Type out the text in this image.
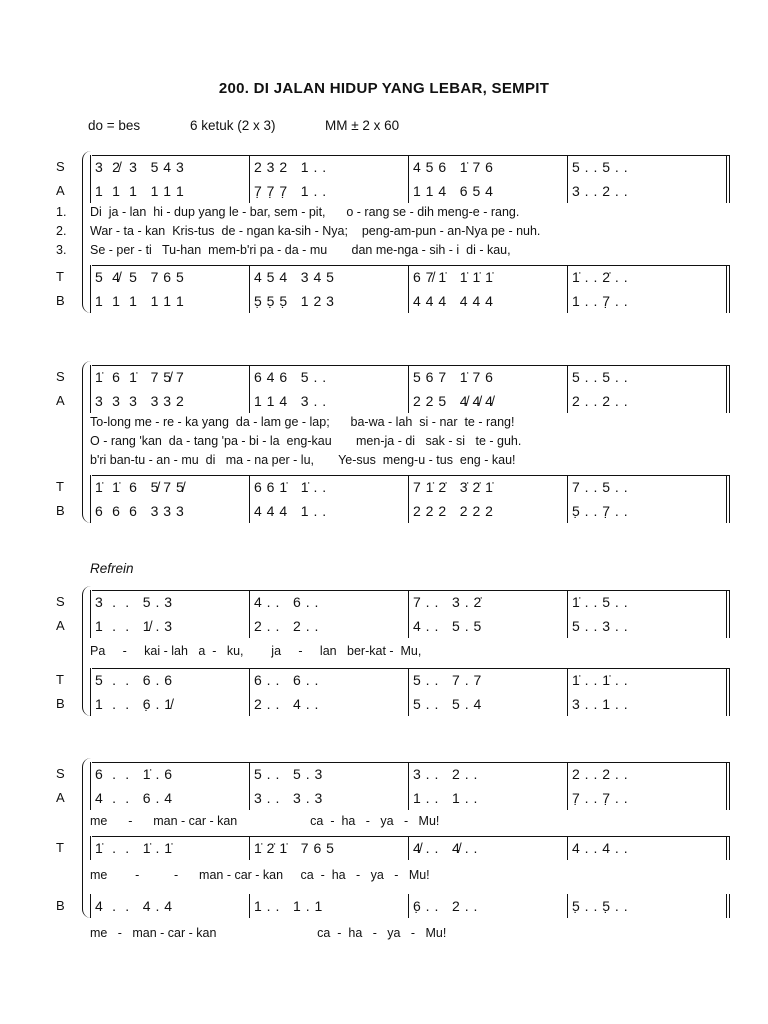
200. DI JALAN HIDUP YANG LEBAR, SEMPIT
do = bes	6 ketuk (2 x 3)	MM ± 2 x 60
Refrein
S	3  2̸  3   5 4 3	2 3 2   1 . .	4 5 6   1̇ 7 6	5 . . 5 . .
A	1  1  1   1 1 1	7̣ 7̣ 7̣   1 . .	1 1 4   6 5 4	3 . . 2 . .
1.	Di  ja - lan  hi - dup yang le - bar, sem - pit,      o - rang se - dih meng-e - rang.
2.	War - ta - kan  Kris-tus  de - ngan ka-sih - Nya;    peng-am-pun - an-Nya pe - nuh.
3.	Se - per - ti   Tu-han  mem-b'ri pa - da - mu       dan me-nga - sih - i  di - kau,
T	5  4̸  5   7 6 5	4 5 4   3 4 5	6 7̸ 1̇   1̇ 1̇ 1̇	1̇ . . 2̇ . .
B	1  1  1   1 1 1	5̣ 5̣ 5̣   1 2 3	4 4 4   4 4 4	1 . . 7̣ . .
S	1̇  6  1̇   7 5̸ 7	6 4 6   5 . .	5 6 7   1̇ 7 6	5 . . 5 . .
A	3  3  3   3 3 2	1 1 4   3 . .	2 2 5   4̸ 4̸ 4̸	2 . . 2 . .
To-long me - re - ka yang  da - lam ge - lap;      ba-wa - lah  si - nar  te - rang!
O - rang 'kan  da - tang 'pa - bi - la  eng-kau       men-ja - di   sak - si   te - guh.
b'ri ban-tu - an - mu  di   ma - na per - lu,       Ye-sus  meng-u - tus  eng - kau!
T	1̇  1̇  6   5̸ 7 5̸	6 6 1̇   1̇ . .	7 1̇ 2̇   3̇ 2̇ 1̇	7 . . 5 . .
B	6  6  6   3 3 3	4 4 4   1 . .	2 2 2   2 2 2	5̣ . . 7̣ . .
S	3  .  .   5 . 3	4 . .   6 . .	7 . .   3 . 2̇	1̇ . . 5 . .
A	1  .  .   1̸ . 3	2 . .   2 . .	4 . .   5 . 5	5 . . 3 . .
Pa     -     kai - lah   a  -   ku,        ja     -     lan   ber-kat -  Mu,
T	5  .  .   6 . 6	6 . .   6 . .	5 . .   7 . 7	1̇ . . 1̇ . .
B	1  .  .   6̣ . 1̸	2 . .   4 . .	5 . .   5 . 4	3 . . 1 . .
S	6  .  .   1̇ . 6	5 . .   5 . 3	3 . .   2 . .	2 . . 2 . .
A	4  .  .   6 . 4	3 . .   3 . 3	1 . .   1 . .	7̣ . . 7̣ . .
me      -      man - car - kan                     ca  -  ha   -   ya   -   Mu!
T	1̇  .  .   1̇ . 1̇	1̇ 2̇ 1̇   7 6 5	4̸ . .   4̸ . .	4 . . 4 . .
me        -          -      man - car - kan     ca  -  ha   -   ya   -   Mu!
B	4  .  .   4 . 4	1 . .   1 . 1	6̣ . .   2 . .	5̣ . . 5̣ . .
me   -   man - car - kan                             ca  -  ha   -   ya   -   Mu!
